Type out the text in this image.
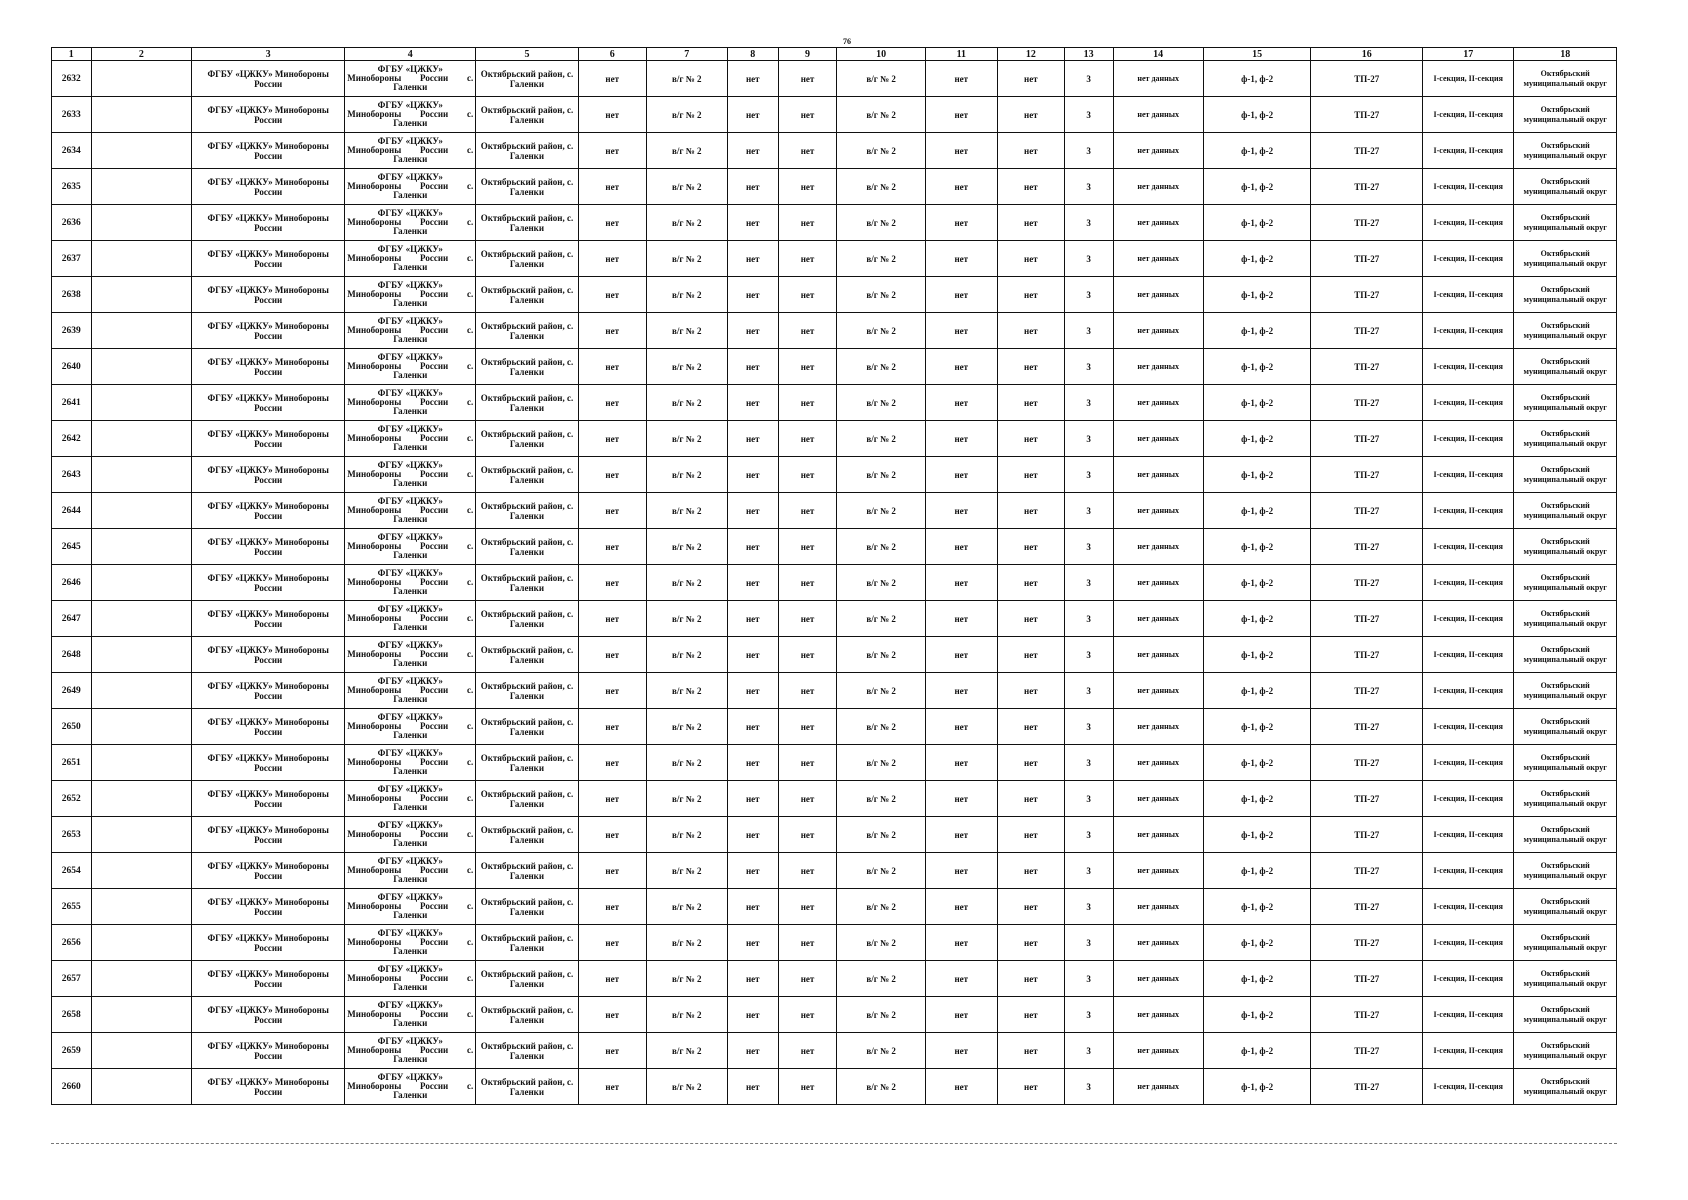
76
1	2	3	4	5	6	7	8	9	10	11	12	13	14	15	16	17	18
2632		ФГБУ «ЦЖКУ» Минобороны России	ФГБУ «ЦЖКУ»
Минобороны России с.
Галенки	Октябрьский район, с. Галенки	нет	в/г № 2	нет	нет	в/г № 2	нет	нет	3	нет данных	ф-1, ф-2	ТП-27	I-секция, II-секция	Октябрьский муниципальный округ
2633		ФГБУ «ЦЖКУ» Минобороны России	ФГБУ «ЦЖКУ»
Минобороны России с.
Галенки	Октябрьский район, с. Галенки	нет	в/г № 2	нет	нет	в/г № 2	нет	нет	3	нет данных	ф-1, ф-2	ТП-27	I-секция, II-секция	Октябрьский муниципальный округ
2634		ФГБУ «ЦЖКУ» Минобороны России	ФГБУ «ЦЖКУ»
Минобороны России с.
Галенки	Октябрьский район, с. Галенки	нет	в/г № 2	нет	нет	в/г № 2	нет	нет	3	нет данных	ф-1, ф-2	ТП-27	I-секция, II-секция	Октябрьский муниципальный округ
2635		ФГБУ «ЦЖКУ» Минобороны России	ФГБУ «ЦЖКУ»
Минобороны России с.
Галенки	Октябрьский район, с. Галенки	нет	в/г № 2	нет	нет	в/г № 2	нет	нет	3	нет данных	ф-1, ф-2	ТП-27	I-секция, II-секция	Октябрьский муниципальный округ
2636		ФГБУ «ЦЖКУ» Минобороны России	ФГБУ «ЦЖКУ»
Минобороны России с.
Галенки	Октябрьский район, с. Галенки	нет	в/г № 2	нет	нет	в/г № 2	нет	нет	3	нет данных	ф-1, ф-2	ТП-27	I-секция, II-секция	Октябрьский муниципальный округ
2637		ФГБУ «ЦЖКУ» Минобороны России	ФГБУ «ЦЖКУ»
Минобороны России с.
Галенки	Октябрьский район, с. Галенки	нет	в/г № 2	нет	нет	в/г № 2	нет	нет	3	нет данных	ф-1, ф-2	ТП-27	I-секция, II-секция	Октябрьский муниципальный округ
2638		ФГБУ «ЦЖКУ» Минобороны России	ФГБУ «ЦЖКУ»
Минобороны России с.
Галенки	Октябрьский район, с. Галенки	нет	в/г № 2	нет	нет	в/г № 2	нет	нет	3	нет данных	ф-1, ф-2	ТП-27	I-секция, II-секция	Октябрьский муниципальный округ
2639		ФГБУ «ЦЖКУ» Минобороны России	ФГБУ «ЦЖКУ»
Минобороны России с.
Галенки	Октябрьский район, с. Галенки	нет	в/г № 2	нет	нет	в/г № 2	нет	нет	3	нет данных	ф-1, ф-2	ТП-27	I-секция, II-секция	Октябрьский муниципальный округ
2640		ФГБУ «ЦЖКУ» Минобороны России	ФГБУ «ЦЖКУ»
Минобороны России с.
Галенки	Октябрьский район, с. Галенки	нет	в/г № 2	нет	нет	в/г № 2	нет	нет	3	нет данных	ф-1, ф-2	ТП-27	I-секция, II-секция	Октябрьский муниципальный округ
2641		ФГБУ «ЦЖКУ» Минобороны России	ФГБУ «ЦЖКУ»
Минобороны России с.
Галенки	Октябрьский район, с. Галенки	нет	в/г № 2	нет	нет	в/г № 2	нет	нет	3	нет данных	ф-1, ф-2	ТП-27	I-секция, II-секция	Октябрьский муниципальный округ
2642		ФГБУ «ЦЖКУ» Минобороны России	ФГБУ «ЦЖКУ»
Минобороны России с.
Галенки	Октябрьский район, с. Галенки	нет	в/г № 2	нет	нет	в/г № 2	нет	нет	3	нет данных	ф-1, ф-2	ТП-27	I-секция, II-секция	Октябрьский муниципальный округ
2643		ФГБУ «ЦЖКУ» Минобороны России	ФГБУ «ЦЖКУ»
Минобороны России с.
Галенки	Октябрьский район, с. Галенки	нет	в/г № 2	нет	нет	в/г № 2	нет	нет	3	нет данных	ф-1, ф-2	ТП-27	I-секция, II-секция	Октябрьский муниципальный округ
2644		ФГБУ «ЦЖКУ» Минобороны России	ФГБУ «ЦЖКУ»
Минобороны России с.
Галенки	Октябрьский район, с. Галенки	нет	в/г № 2	нет	нет	в/г № 2	нет	нет	3	нет данных	ф-1, ф-2	ТП-27	I-секция, II-секция	Октябрьский муниципальный округ
2645		ФГБУ «ЦЖКУ» Минобороны России	ФГБУ «ЦЖКУ»
Минобороны России с.
Галенки	Октябрьский район, с. Галенки	нет	в/г № 2	нет	нет	в/г № 2	нет	нет	3	нет данных	ф-1, ф-2	ТП-27	I-секция, II-секция	Октябрьский муниципальный округ
2646		ФГБУ «ЦЖКУ» Минобороны России	ФГБУ «ЦЖКУ»
Минобороны России с.
Галенки	Октябрьский район, с. Галенки	нет	в/г № 2	нет	нет	в/г № 2	нет	нет	3	нет данных	ф-1, ф-2	ТП-27	I-секция, II-секция	Октябрьский муниципальный округ
2647		ФГБУ «ЦЖКУ» Минобороны России	ФГБУ «ЦЖКУ»
Минобороны России с.
Галенки	Октябрьский район, с. Галенки	нет	в/г № 2	нет	нет	в/г № 2	нет	нет	3	нет данных	ф-1, ф-2	ТП-27	I-секция, II-секция	Октябрьский муниципальный округ
2648		ФГБУ «ЦЖКУ» Минобороны России	ФГБУ «ЦЖКУ»
Минобороны России с.
Галенки	Октябрьский район, с. Галенки	нет	в/г № 2	нет	нет	в/г № 2	нет	нет	3	нет данных	ф-1, ф-2	ТП-27	I-секция, II-секция	Октябрьский муниципальный округ
2649		ФГБУ «ЦЖКУ» Минобороны России	ФГБУ «ЦЖКУ»
Минобороны России с.
Галенки	Октябрьский район, с. Галенки	нет	в/г № 2	нет	нет	в/г № 2	нет	нет	3	нет данных	ф-1, ф-2	ТП-27	I-секция, II-секция	Октябрьский муниципальный округ
2650		ФГБУ «ЦЖКУ» Минобороны России	ФГБУ «ЦЖКУ»
Минобороны России с.
Галенки	Октябрьский район, с. Галенки	нет	в/г № 2	нет	нет	в/г № 2	нет	нет	3	нет данных	ф-1, ф-2	ТП-27	I-секция, II-секция	Октябрьский муниципальный округ
2651		ФГБУ «ЦЖКУ» Минобороны России	ФГБУ «ЦЖКУ»
Минобороны России с.
Галенки	Октябрьский район, с. Галенки	нет	в/г № 2	нет	нет	в/г № 2	нет	нет	3	нет данных	ф-1, ф-2	ТП-27	I-секция, II-секция	Октябрьский муниципальный округ
2652		ФГБУ «ЦЖКУ» Минобороны России	ФГБУ «ЦЖКУ»
Минобороны России с.
Галенки	Октябрьский район, с. Галенки	нет	в/г № 2	нет	нет	в/г № 2	нет	нет	3	нет данных	ф-1, ф-2	ТП-27	I-секция, II-секция	Октябрьский муниципальный округ
2653		ФГБУ «ЦЖКУ» Минобороны России	ФГБУ «ЦЖКУ»
Минобороны России с.
Галенки	Октябрьский район, с. Галенки	нет	в/г № 2	нет	нет	в/г № 2	нет	нет	3	нет данных	ф-1, ф-2	ТП-27	I-секция, II-секция	Октябрьский муниципальный округ
2654		ФГБУ «ЦЖКУ» Минобороны России	ФГБУ «ЦЖКУ»
Минобороны России с.
Галенки	Октябрьский район, с. Галенки	нет	в/г № 2	нет	нет	в/г № 2	нет	нет	3	нет данных	ф-1, ф-2	ТП-27	I-секция, II-секция	Октябрьский муниципальный округ
2655		ФГБУ «ЦЖКУ» Минобороны России	ФГБУ «ЦЖКУ»
Минобороны России с.
Галенки	Октябрьский район, с. Галенки	нет	в/г № 2	нет	нет	в/г № 2	нет	нет	3	нет данных	ф-1, ф-2	ТП-27	I-секция, II-секция	Октябрьский муниципальный округ
2656		ФГБУ «ЦЖКУ» Минобороны России	ФГБУ «ЦЖКУ»
Минобороны России с.
Галенки	Октябрьский район, с. Галенки	нет	в/г № 2	нет	нет	в/г № 2	нет	нет	3	нет данных	ф-1, ф-2	ТП-27	I-секция, II-секция	Октябрьский муниципальный округ
2657		ФГБУ «ЦЖКУ» Минобороны России	ФГБУ «ЦЖКУ»
Минобороны России с.
Галенки	Октябрьский район, с. Галенки	нет	в/г № 2	нет	нет	в/г № 2	нет	нет	3	нет данных	ф-1, ф-2	ТП-27	I-секция, II-секция	Октябрьский муниципальный округ
2658		ФГБУ «ЦЖКУ» Минобороны России	ФГБУ «ЦЖКУ»
Минобороны России с.
Галенки	Октябрьский район, с. Галенки	нет	в/г № 2	нет	нет	в/г № 2	нет	нет	3	нет данных	ф-1, ф-2	ТП-27	I-секция, II-секция	Октябрьский муниципальный округ
2659		ФГБУ «ЦЖКУ» Минобороны России	ФГБУ «ЦЖКУ»
Минобороны России с.
Галенки	Октябрьский район, с. Галенки	нет	в/г № 2	нет	нет	в/г № 2	нет	нет	3	нет данных	ф-1, ф-2	ТП-27	I-секция, II-секция	Октябрьский муниципальный округ
2660		ФГБУ «ЦЖКУ» Минобороны России	ФГБУ «ЦЖКУ»
Минобороны России с.
Галенки	Октябрьский район, с. Галенки	нет	в/г № 2	нет	нет	в/г № 2	нет	нет	3	нет данных	ф-1, ф-2	ТП-27	I-секция, II-секция	Октябрьский муниципальный округ
